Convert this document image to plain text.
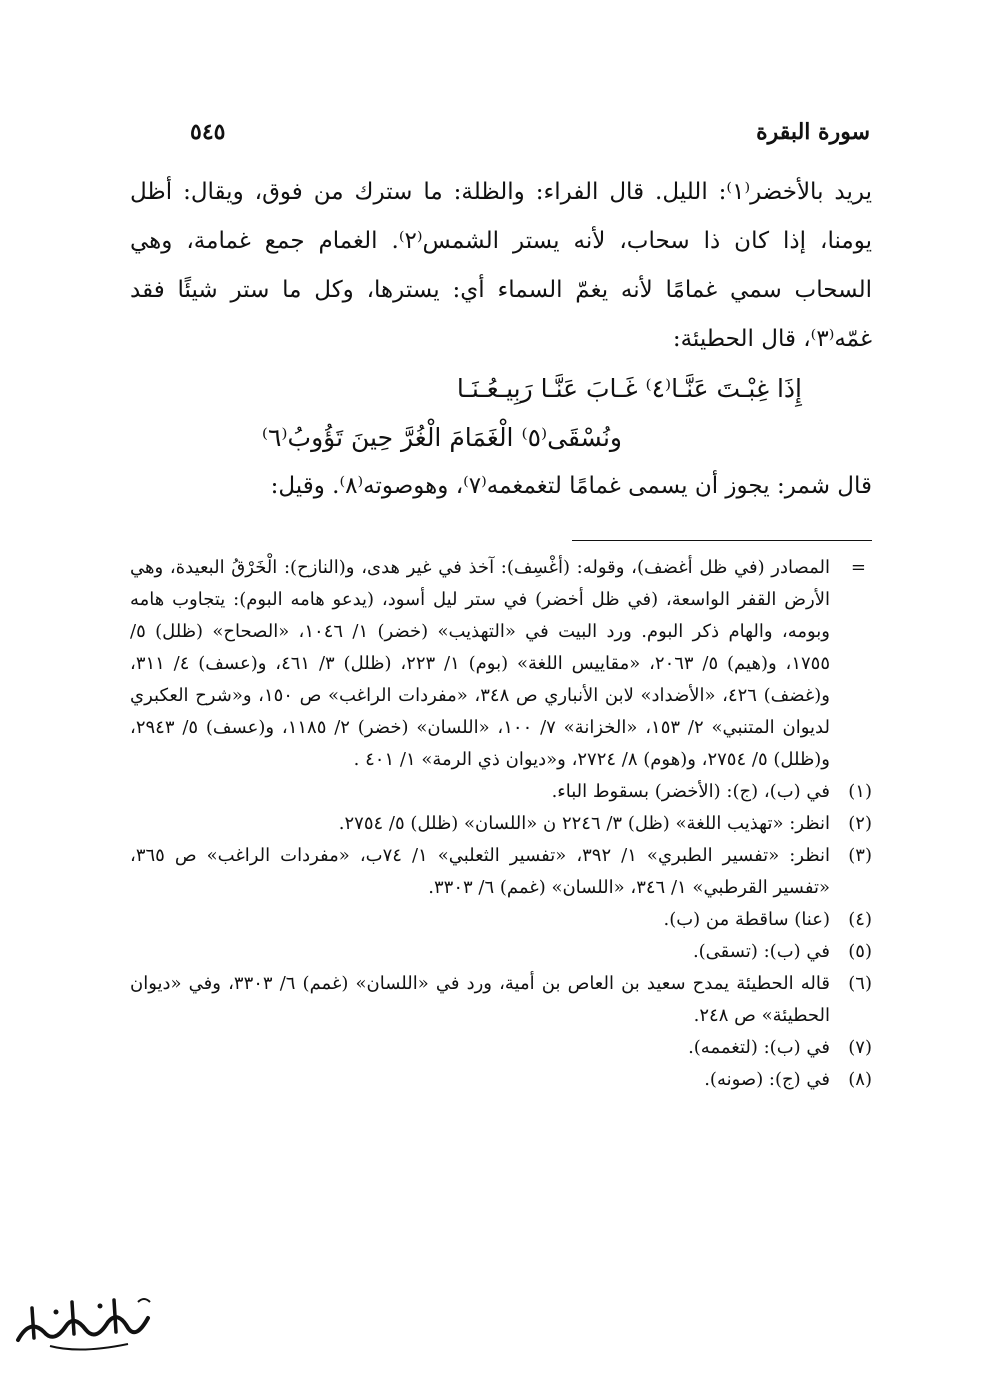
سورة البقرة
٥٤٥

يريد بالأخضر⁽١⁾: الليل. قال الفراء: والظلة: ما سترك من فوق، ويقال: أظل يومنا، إذا كان ذا سحاب، لأنه يستر الشمس⁽٢⁾. الغمام جمع غمامة، وهي السحاب سمي غمامًا لأنه يغمّ السماء أي: يسترها، وكل ما ستر شيئًا فقد غمّه⁽٣⁾، قال الحطيئة:

إِذَا غِبْـتَ عَنَّـا⁽٤⁾ غَـابَ عَنَّـا رَبِيـعُـنَـا
ونُسْقَى⁽٥⁾ الْغَمَامَ الْغُرَّ حِينَ تَؤُوبُ⁽٦⁾

قال شمر: يجوز أن يسمى غمامًا لتغمغمه⁽٧⁾، وهوصوته⁽٨⁾. وقيل:

=
المصادر (في ظل أغضف)، وقوله: (أغْسِف): آخذ في غير هدى، و(النازح): الْخَرْقُ البعيدة، وهي الأرض القفر الواسعة، (في ظل أخضر) في ستر ليل أسود، (يدعو هامه البوم): يتجاوب هامه وبومه، والهام ذكر البوم. ورد البيت في «التهذيب» (خضر) ١/ ١٠٤٦، «الصحاح» (ظلل) ٥/ ١٧٥٥، و(هيم) ٥/ ٢٠٦٣، «مقاييس اللغة» (بوم) ١/ ٢٢٣، (ظلل) ٣/ ٤٦١، و(عسف) ٤/ ٣١١، و(غضف) ٤٢٦، «الأضداد» لابن الأنباري ص ٣٤٨، «مفردات الراغب» ص ١٥٠، و«شرح العكبري لديوان المتنبي» ٢/ ١٥٣، «الخزانة» ٧/ ١٠٠، «اللسان» (خضر) ٢/ ١١٨٥، و(عسف) ٥/ ٢٩٤٣، و(ظلل) ٥/ ٢٧٥٤، و(هوم) ٨/ ٢٧٢٤، و«ديوان ذي الرمة» ١/ ٤٠١ .
(١)
في (ب)، (ج): (الأخضر) بسقوط الباء.
(٢)
انظر: «تهذيب اللغة» (ظل) ٣/ ٢٢٤٦ ن «اللسان» (ظلل) ٥/ ٢٧٥٤.
(٣)
انظر: «تفسير الطبري» ١/ ٣٩٢، «تفسير الثعلبي» ١/ ٧٤ب، «مفردات الراغب» ص ٣٦٥، «تفسير القرطبي» ١/ ٣٤٦، «اللسان» (غمم) ٦/ ٣٣٠٣.
(٤)
(عنا) ساقطة من (ب).
(٥)
في (ب): (تسقى).
(٦)
قاله الحطيئة يمدح سعيد بن العاص بن أمية، ورد في «اللسان» (غمم) ٦/ ٣٣٠٣، وفي «ديوان الحطيئة» ص ٢٤٨.
(٧)
في (ب): (لتغممه).
(٨)
في (ج): (صونه).
